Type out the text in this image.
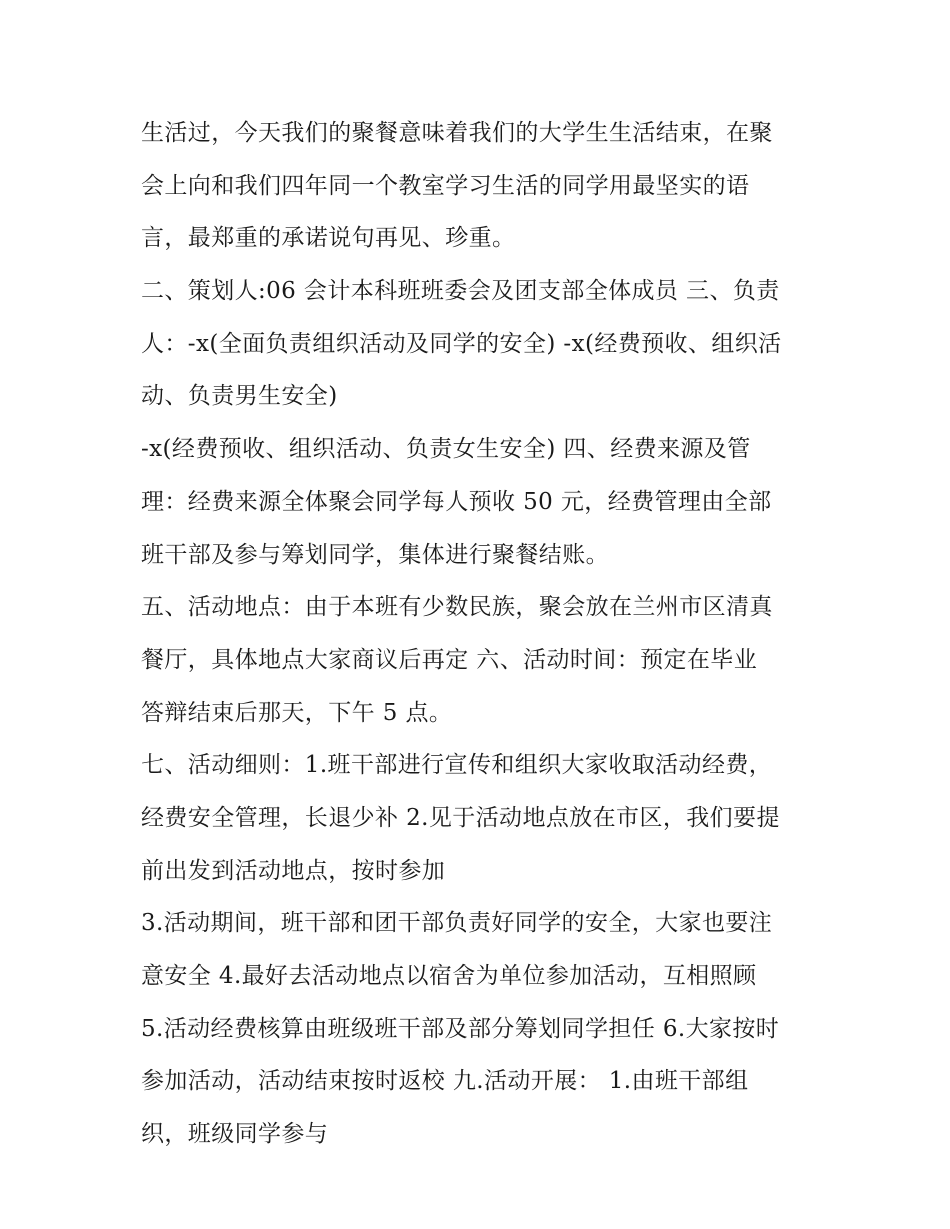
生活过，今天我们的聚餐意味着我们的大学生生活结束，在聚
会上向和我们四年同一个教室学习生活的同学用最坚实的语
言，最郑重的承诺说句再见、珍重。
二、策划人:06 会计本科班班委会及团支部全体成员 三、负责
人：-x(全面负责组织活动及同学的安全) -x(经费预收、组织活
动、负责男生安全)
-x(经费预收、组织活动、负责女生安全) 四、经费来源及管
理：经费来源全体聚会同学每人预收 50 元，经费管理由全部
班干部及参与筹划同学，集体进行聚餐结账。
五、活动地点：由于本班有少数民族，聚会放在兰州市区清真
餐厅，具体地点大家商议后再定 六、活动时间：预定在毕业
答辩结束后那天，下午 5 点。
七、活动细则：1.班干部进行宣传和组织大家收取活动经费，
经费安全管理，长退少补 2.见于活动地点放在市区，我们要提
前出发到活动地点，按时参加
3.活动期间，班干部和团干部负责好同学的安全，大家也要注
意安全 4.最好去活动地点以宿舍为单位参加活动，互相照顾
5.活动经费核算由班级班干部及部分筹划同学担任 6.大家按时
参加活动，活动结束按时返校 九.活动开展： 1.由班干部组
织，班级同学参与
